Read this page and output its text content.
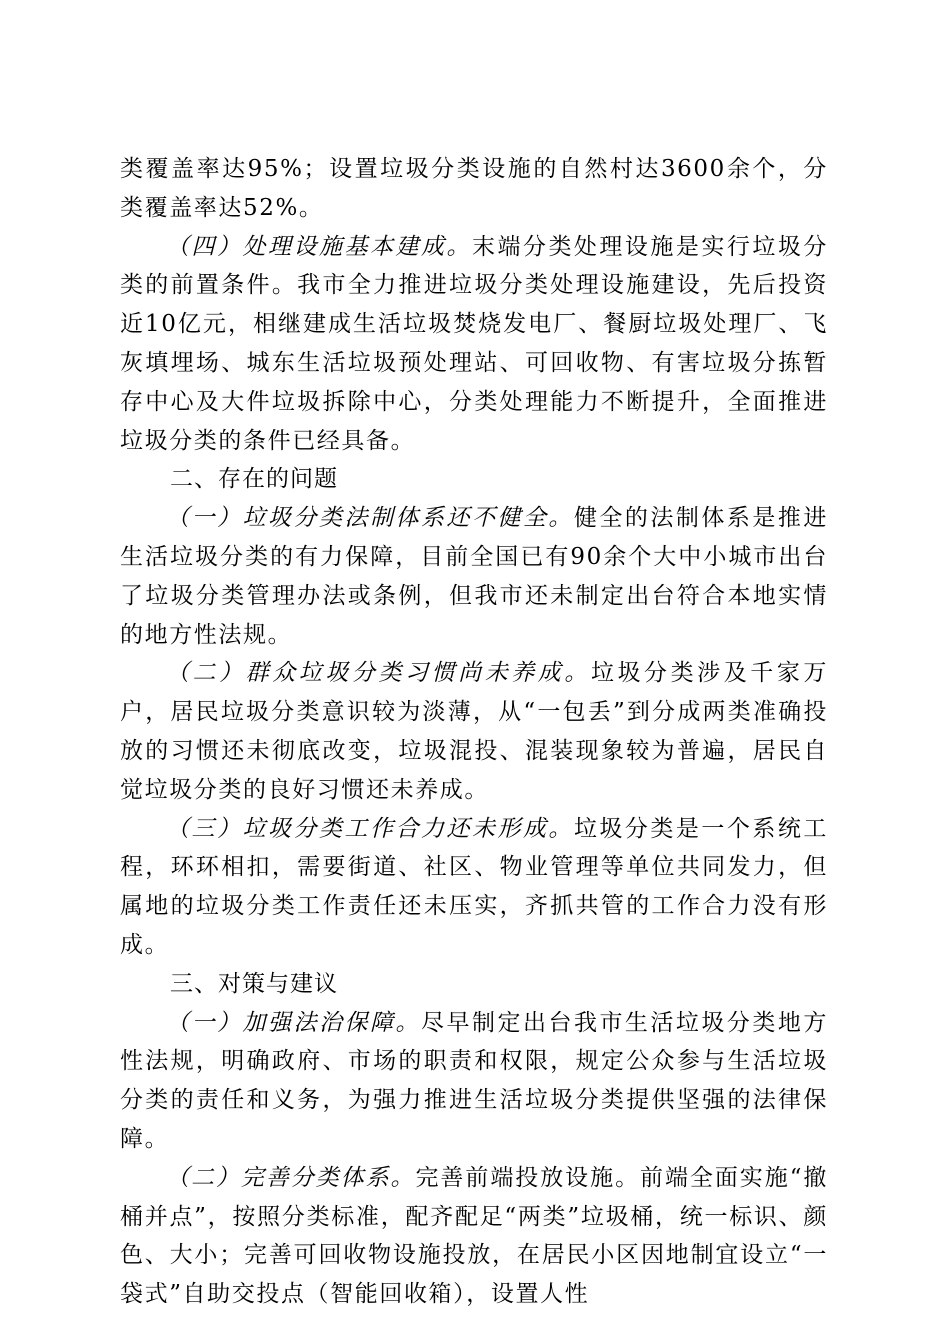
类覆盖率达95%；设置垃圾分类设施的自然村达3600余个，分类覆盖率达52%。

（四）处理设施基本建成。末端分类处理设施是实行垃圾分类的前置条件。我市全力推进垃圾分类处理设施建设，先后投资近10亿元，相继建成生活垃圾焚烧发电厂、餐厨垃圾处理厂、飞灰填埋场、城东生活垃圾预处理站、可回收物、有害垃圾分拣暂存中心及大件垃圾拆除中心，分类处理能力不断提升，全面推进垃圾分类的条件已经具备。

二、存在的问题

（一）垃圾分类法制体系还不健全。健全的法制体系是推进生活垃圾分类的有力保障，目前全国已有90余个大中小城市出台了垃圾分类管理办法或条例，但我市还未制定出台符合本地实情的地方性法规。

（二）群众垃圾分类习惯尚未养成。垃圾分类涉及千家万户，居民垃圾分类意识较为淡薄，从“一包丢”到分成两类准确投放的习惯还未彻底改变，垃圾混投、混装现象较为普遍，居民自觉垃圾分类的良好习惯还未养成。

（三）垃圾分类工作合力还未形成。垃圾分类是一个系统工程，环环相扣，需要街道、社区、物业管理等单位共同发力，但属地的垃圾分类工作责任还未压实，齐抓共管的工作合力没有形成。

三、对策与建议

（一）加强法治保障。尽早制定出台我市生活垃圾分类地方性法规，明确政府、市场的职责和权限，规定公众参与生活垃圾分类的责任和义务，为强力推进生活垃圾分类提供坚强的法律保障。

（二）完善分类体系。完善前端投放设施。前端全面实施“撤桶并点”，按照分类标准，配齐配足“两类”垃圾桶，统一标识、颜色、大小；完善可回收物设施投放，在居民小区因地制宜设立“一袋式”自助交投点（智能回收箱），设置人性
